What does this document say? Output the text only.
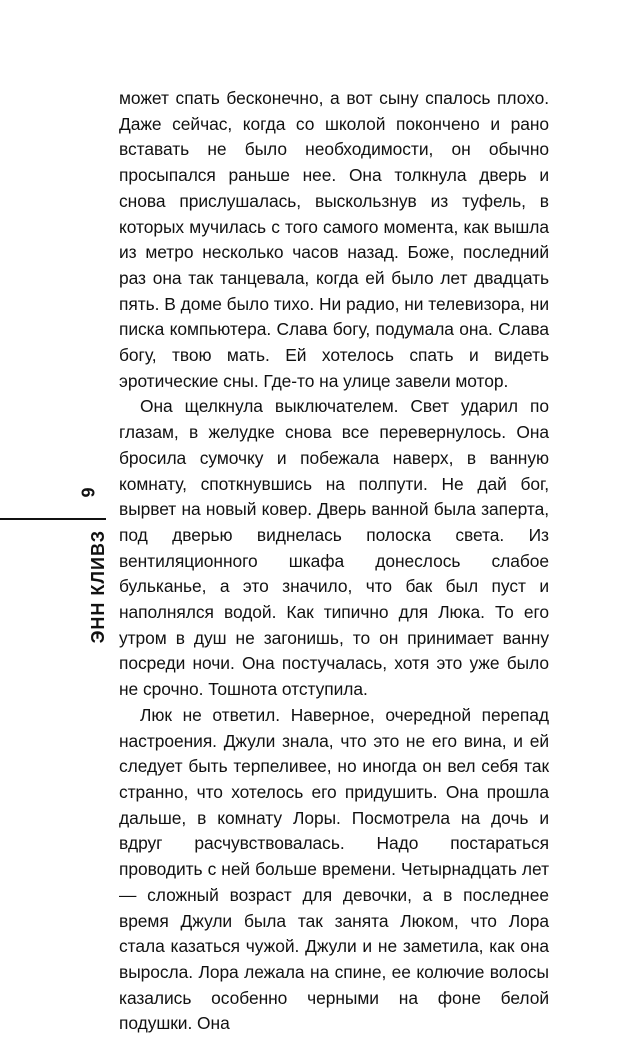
может спать бесконечно, а вот сыну спалось плохо. Даже сейчас, когда со школой покончено и рано вставать не было необходимости, он обычно просыпался раньше нее. Она толкнула дверь и снова прислушалась, выскользнув из туфель, в которых мучилась с того самого момента, как вышла из метро несколько часов назад. Боже, последний раз она так танцевала, когда ей было лет двадцать пять. В доме было тихо. Ни радио, ни телевизора, ни писка компьютера. Слава богу, подумала она. Слава богу, твою мать. Ей хотелось спать и видеть эротические сны. Где-то на улице завели мотор.

Она щелкнула выключателем. Свет ударил по глазам, в желудке снова все перевернулось. Она бросила сумочку и побежала наверх, в ванную комнату, споткнувшись на полпути. Не дай бог, вырвет на новый ковер. Дверь ванной была заперта, под дверью виднелась полоска света. Из вентиляционного шкафа донеслось слабое бульканье, а это значило, что бак был пуст и наполнялся водой. Как типично для Люка. То его утром в душ не загонишь, то он принимает ванну посреди ночи. Она постучалась, хотя это уже было не срочно. Тошнота отступила.

Люк не ответил. Наверное, очередной перепад настроения. Джули знала, что это не его вина, и ей следует быть терпеливее, но иногда он вел себя так странно, что хотелось его придушить. Она прошла дальше, в комнату Лоры. Посмотрела на дочь и вдруг расчувствовалась. Надо постараться проводить с ней больше времени. Четырнадцать лет — сложный возраст для девочки, а в последнее время Джули была так занята Люком, что Лора стала казаться чужой. Джули и не заметила, как она выросла. Лора лежала на спине, ее колючие волосы казались особенно черными на фоне белой подушки. Она

6
ЭНН КЛИВЗ
